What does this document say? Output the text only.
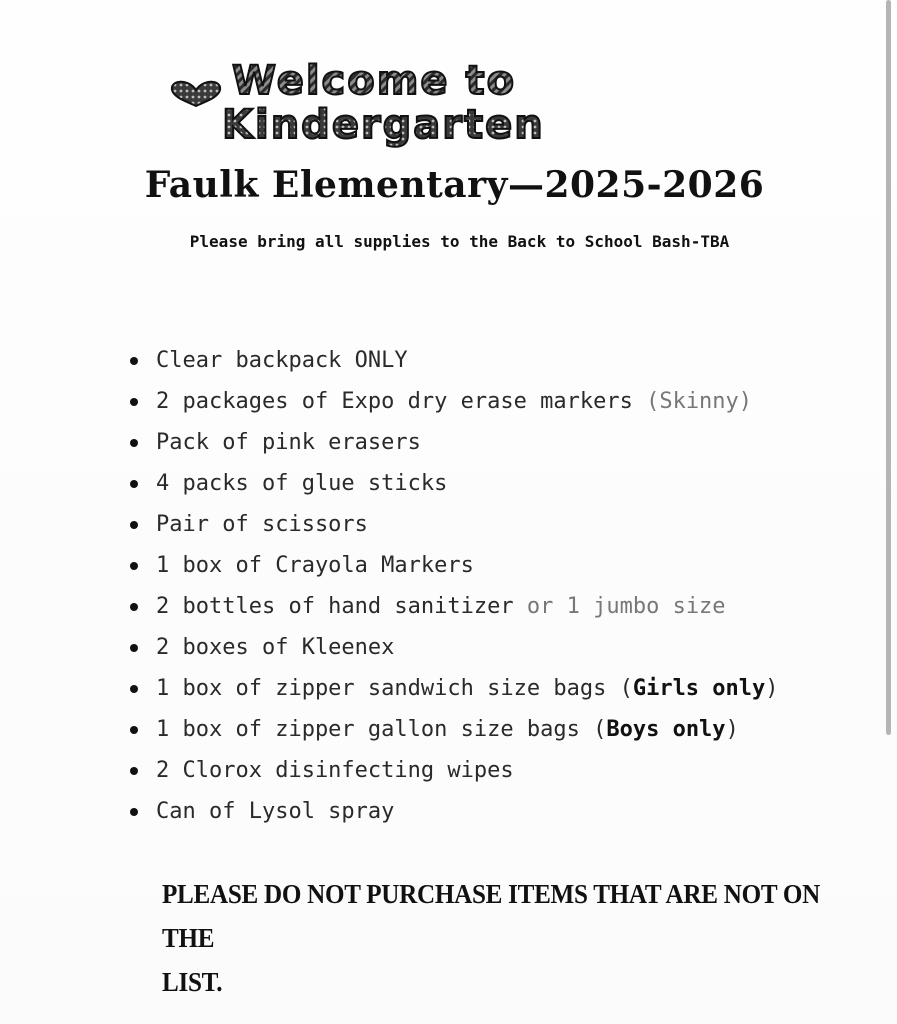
Welcome to
Kindergarten
Faulk Elementary—2025-2026
Please bring all supplies to the Back to School Bash-TBA
Clear backpack ONLY
2 packages of Expo dry erase markers (Skinny)
Pack of pink erasers
4 packs of glue sticks
Pair of scissors
1 box of Crayola Markers
2 bottles of hand sanitizer or 1 jumbo size
2 boxes of Kleenex
1 box of zipper sandwich size bags ( Girls only )
1 box of zipper gallon size bags ( Boys only )
2 Clorox disinfecting wipes
Can of Lysol spray
PLEASE DO NOT PURCHASE ITEMS THAT ARE NOT ON THE
LIST.
